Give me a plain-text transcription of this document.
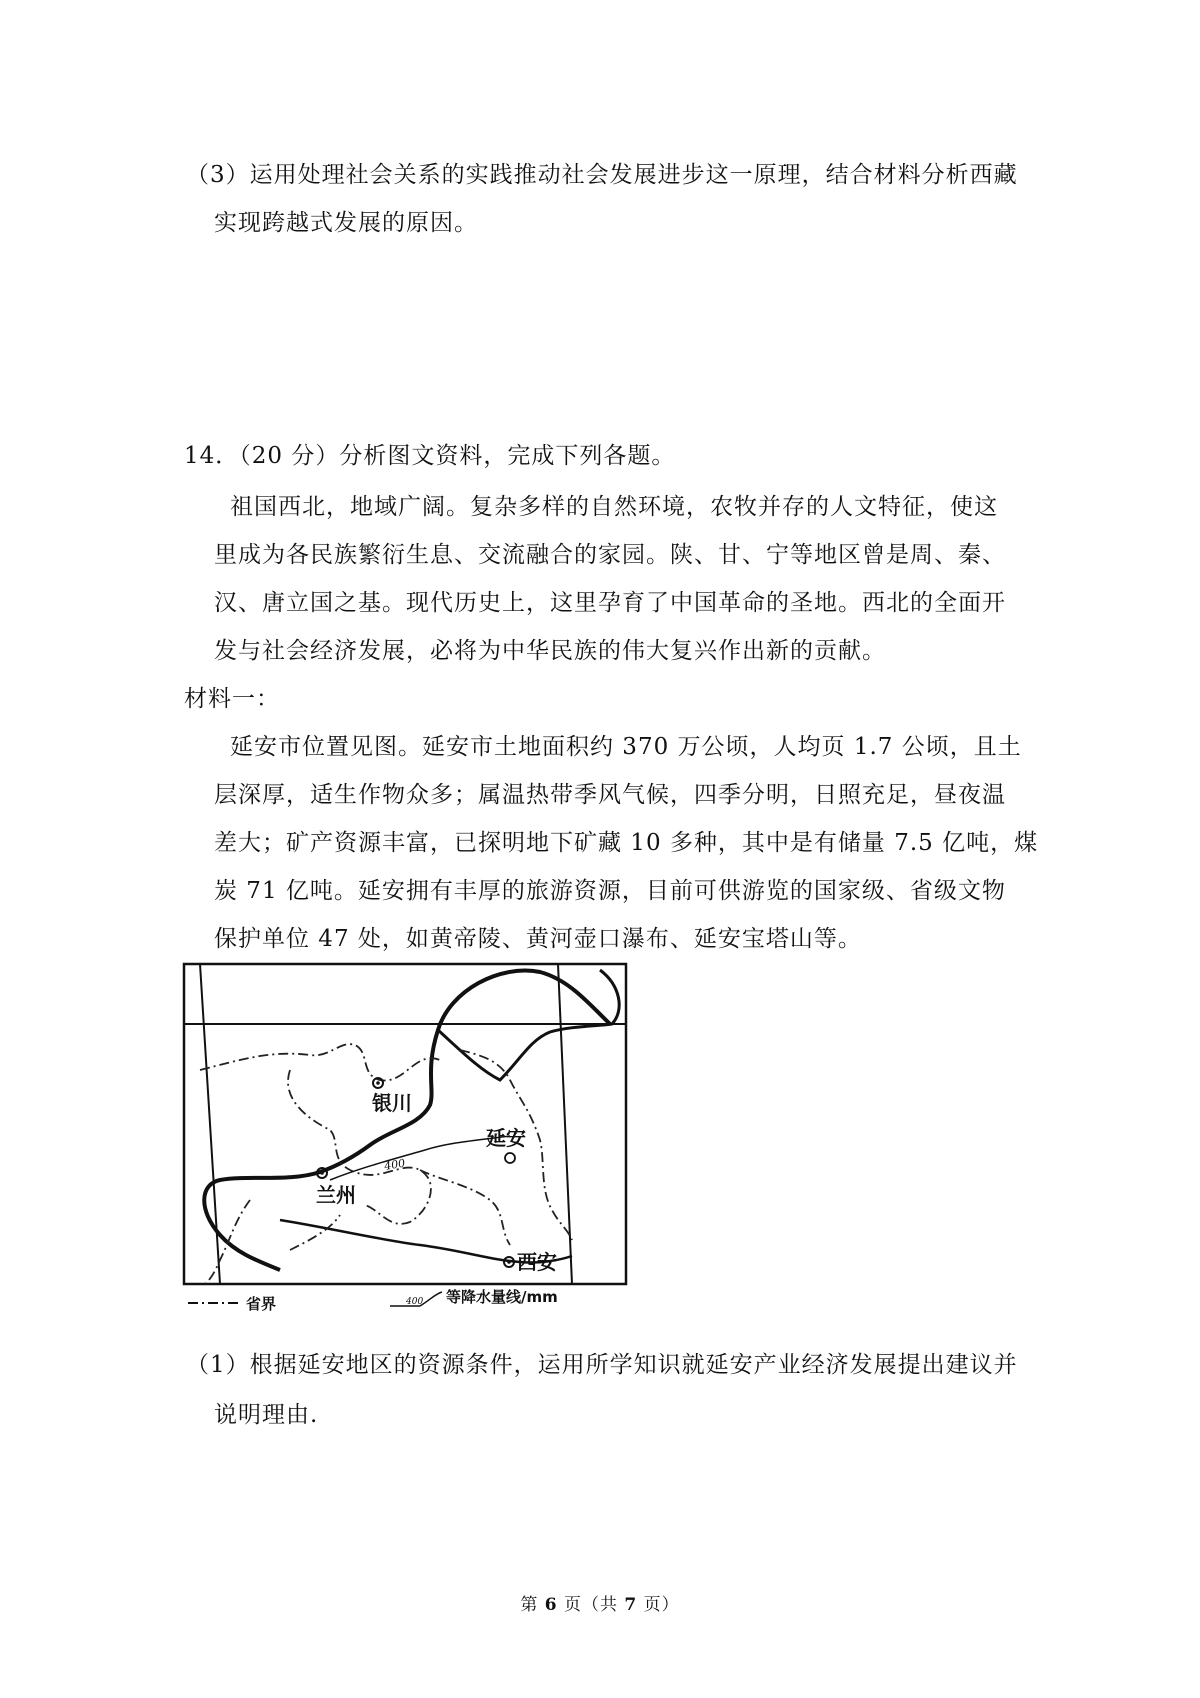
（3）运用处理社会关系的实践推动社会发展进步这一原理，结合材料分析西藏
实现跨越式发展的原因。
14．（20 分）分析图文资料，完成下列各题。
祖国西北，地域广阔。复杂多样的自然环境，农牧并存的人文特征，使这
里成为各民族繁衍生息、交流融合的家园。陕、甘、宁等地区曾是周、秦、
汉、唐立国之基。现代历史上，这里孕育了中国革命的圣地。西北的全面开
发与社会经济发展，必将为中华民族的伟大复兴作出新的贡献。
材料一：
延安市位置见图。延安市土地面积约 370 万公顷，人均页 1.7 公顷，且土
层深厚，适生作物众多；属温热带季风气候，四季分明，日照充足，昼夜温
差大；矿产资源丰富，已探明地下矿藏 10 多种，其中是有储量 7.5 亿吨，煤
炭 71 亿吨。延安拥有丰厚的旅游资源，目前可供游览的国家级、省级文物
保护单位 47 处，如黄帝陵、黄河壶口瀑布、延安宝塔山等。
400
银川
延安
兰州
西安
省界	400 等降水量线/mm
（1）根据延安地区的资源条件，运用所学知识就延安产业经济发展提出建议并
说明理由.
第 6 页（共 7 页）
